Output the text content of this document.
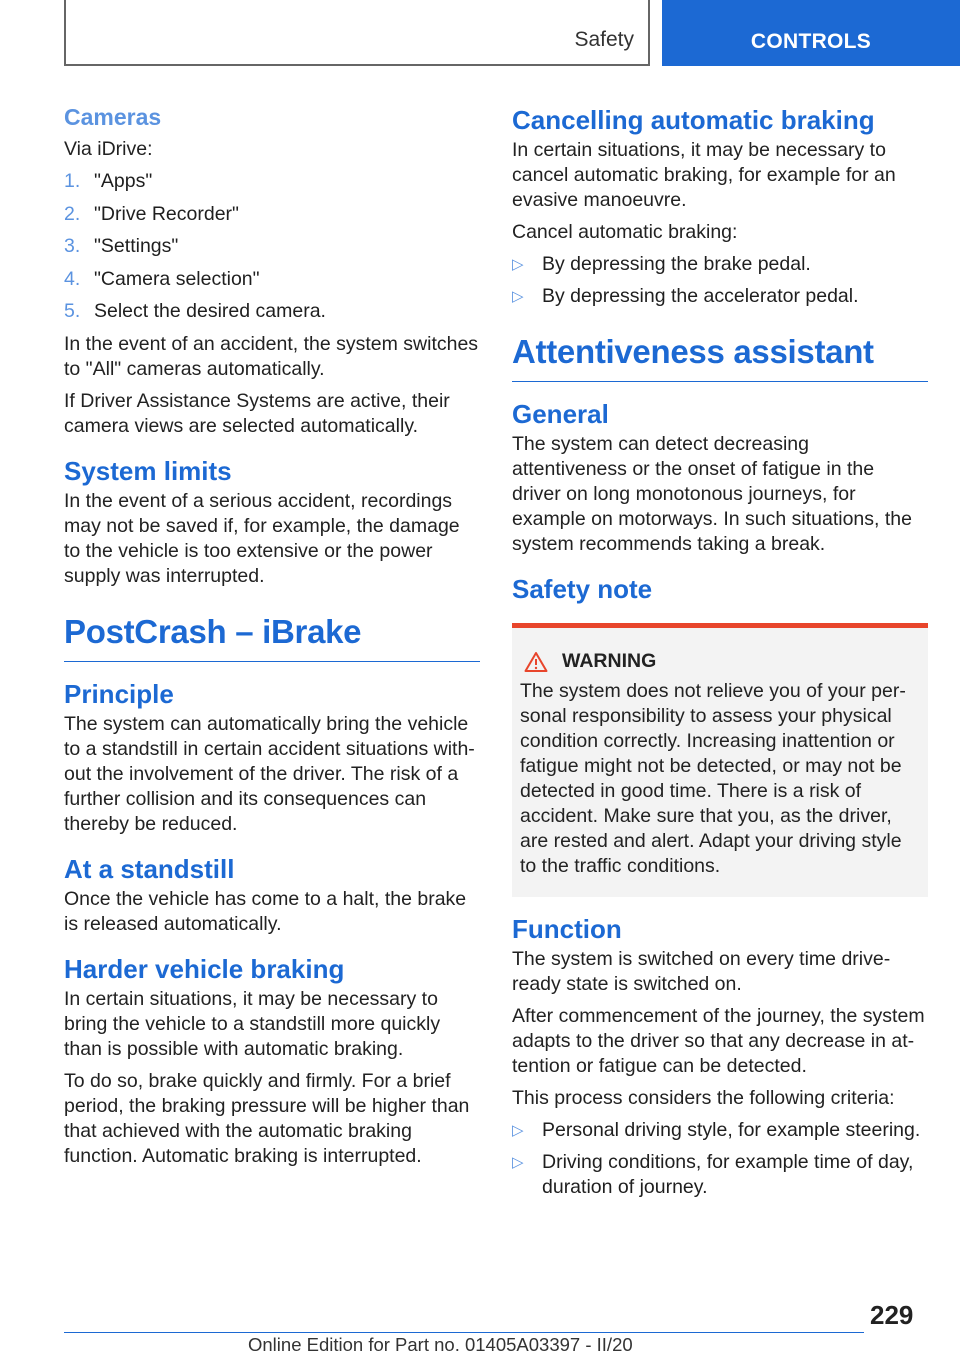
Safety	CONTROLS
Cameras

Via iDrive:

1. "Apps"
2. "Drive Recorder"
3. "Settings"
4. "Camera selection"
5. Select the desired camera.

In the event of an accident, the system switches to "All" cameras automatically.

If Driver Assistance Systems are active, their camera views are selected automatically.

System limits

In the event of a serious accident, recordings may not be saved if, for example, the damage to the vehicle is too extensive or the power supply was interrupted.

PostCrash – iBrake
Principle

The system can automatically bring the vehicle to a standstill in certain accident situations without the involvement of the driver. The risk of a further collision and its consequences can thereby be reduced.

At a standstill

Once the vehicle has come to a halt, the brake is released automatically.

Harder vehicle braking

In certain situations, it may be necessary to bring the vehicle to a standstill more quickly than is possible with automatic braking.

To do so, brake quickly and firmly. For a brief period, the braking pressure will be higher than that achieved with the automatic braking function. Automatic braking is interrupted.

Cancelling automatic braking

In certain situations, it may be necessary to cancel automatic braking, for example for an evasive manoeuvre.

Cancel automatic braking:

▷ By depressing the brake pedal.
▷ By depressing the accelerator pedal.
Attentiveness assistant
General

The system can detect decreasing attentiveness or the onset of fatigue in the driver on long monotonous journeys, for example on motorways. In such situations, the system recommends taking a break.

Safety note
WARNING

The system does not relieve you of your personal responsibility to assess your physical condition correctly. Increasing inattention or fatigue might not be detected, or may not be detected in good time. There is a risk of accident. Make sure that you, as the driver, are rested and alert. Adapt your driving style to the traffic conditions.

Function

The system is switched on every time drive-ready state is switched on.

After commencement of the journey, the system adapts to the driver so that any decrease in attention or fatigue can be detected.

This process considers the following criteria:

▷ Personal driving style, for example steering.
▷ Driving conditions, for example time of day, duration of journey.
229
Online Edition for Part no. 01405A03397 - II/20
